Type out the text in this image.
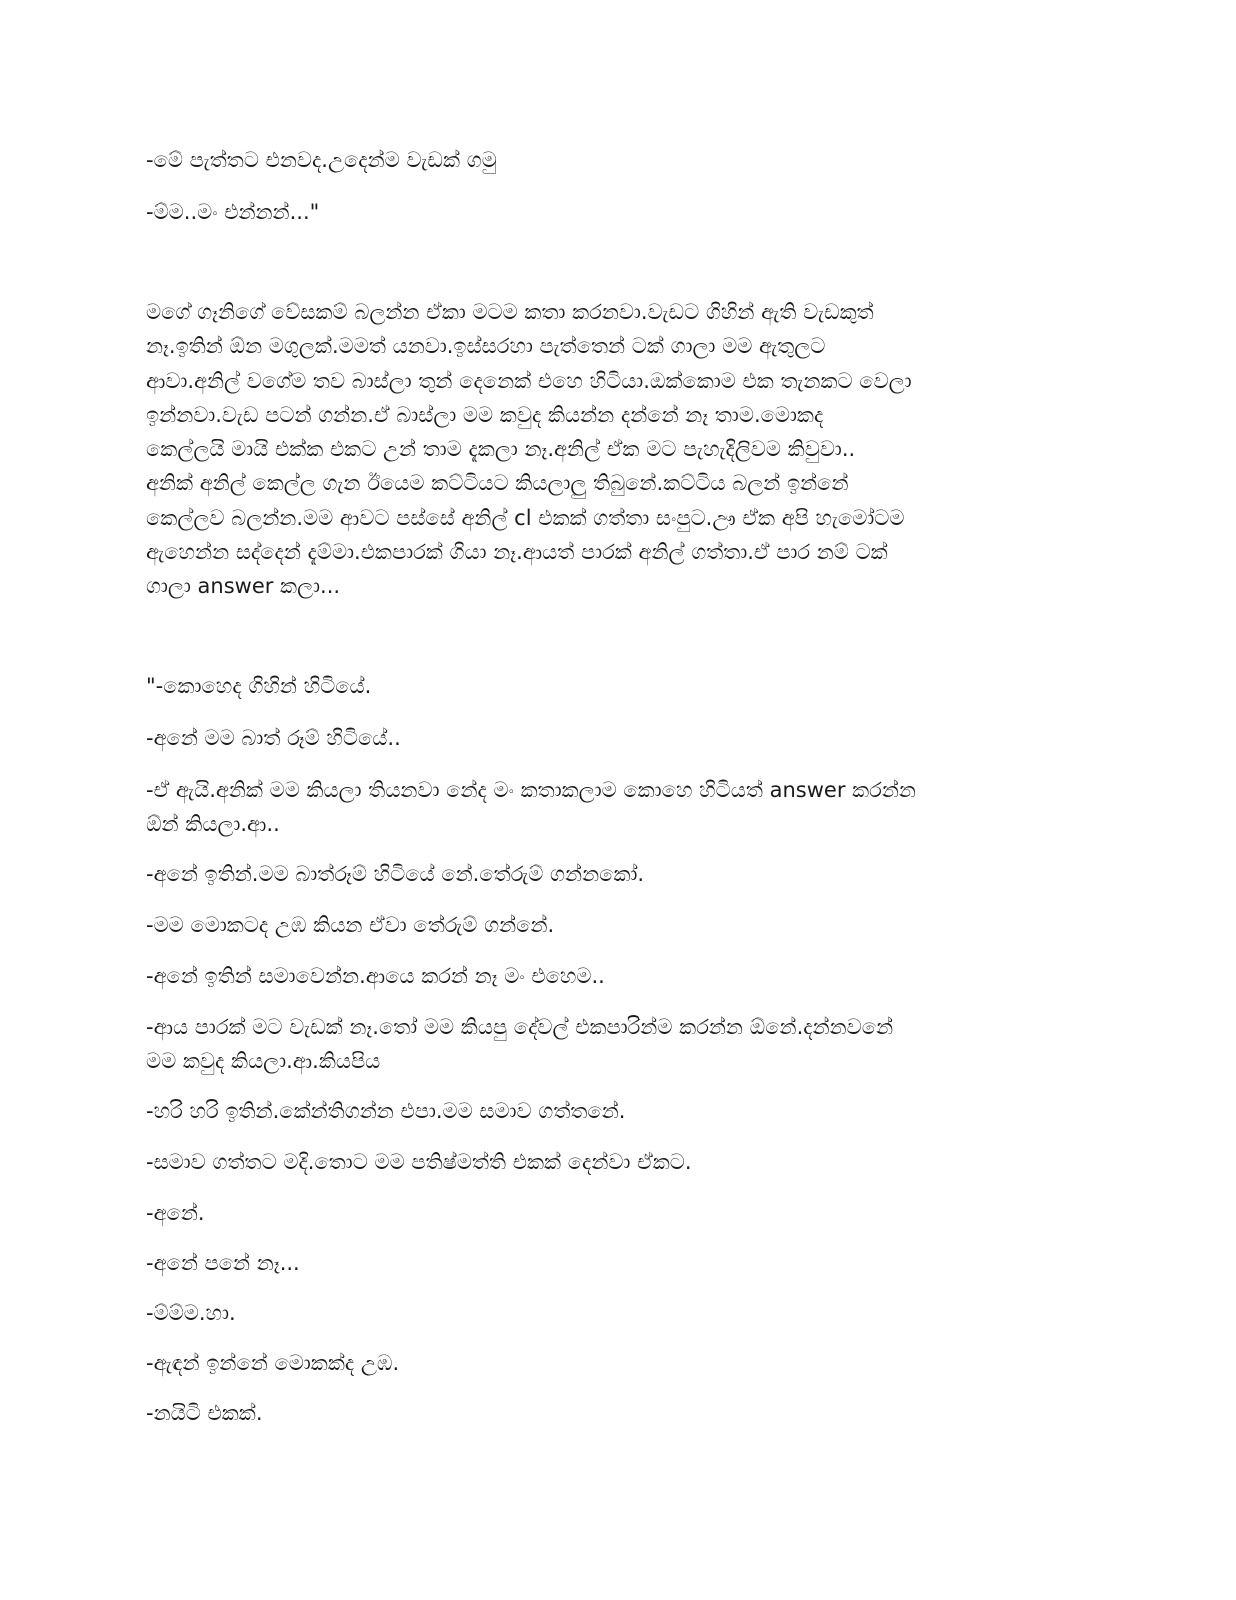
-මේ පැත්තට එනවද.උදෙන්ම වැඩක් ගමු
-ම්ම..මං එන්නන්..."
මගේ ගෑනිගේ වේසකම් බලන්න ඒකා මටම කතා කරනවා.වැඩට ගිහින් ඇති වැඩකුත්
නෑ.ඉතින් ඕන මගුලක්.මමත් යනවා.ඉස්සරහා පැත්තෙන් ටක් ගාලා මම ඇතුලට
ආවා.අනිල් වගේම තව බාස්ලා තුන් දෙනෙක් එහෙ හිටියා.ඔක්කොම එක තැනකට වෙලා
ඉන්නවා.වැඩ පටන් ගන්න.ඒ බාස්ලා මම කවුද කියන්න දන්නේ නෑ තාම.මොකද
කෙල්ලයි මායි එක්ක එකට උන් තාම දැකලා නෑ.අනිල් ඒක මට පැහැදිලිවම කිවුවා..
අනික් අනිල් කෙල්ල ගැන ඊයෙම කට්ටියට කියලාලු තිබුනේ.කට්ටිය බලන් ඉන්නේ
කෙල්ලව බලන්න.මම ආවට පස්සේ අනිල් cl එකක් ගත්තා සංපුට.ඌ ඒක අපි හැමෝටම
ඇහෙන්න සද්දෙන් දැම්මා.එකපාරක් ගියා නෑ.ආයත් පාරක් අනිල් ගත්තා.ඒ පාර නම් ටක්
ගාලා answer කලා...
"-කොහෙද ගිහින් හිටියේ.
-අනේ මම බාත් රූම් හිටියේ..
-ඒ ඇයි.අනික් මම කියලා තියනවා නේද මං කතාකලාම කොහෙ හිටියත් answer කරන්න
ඕන් කියලා.ආ..
-අනේ ඉතින්.මම බාත්රූම් හිටියේ නේ.තේරුම් ගන්නකෝ.
-මම මොකටද උඹ කියන ඒවා තේරුම් ගන්නේ.
-අනේ ඉතින් සමාවෙන්න.ආයෙ කරන් නෑ මං එහෙම..
-ආය පාරක් මට වැඩක් නෑ.තෝ මම කියපු දේවල් එකපාරින්ම කරන්න ඕනේ.දන්නවනේ
මම කවුද කියලා.ආ.කියපිය
-හරි හරි ඉතින්.කේන්තිගන්න එපා.මම සමාව ගත්තනේ.
-සමාව ගත්තට මදි.තොට මම පතිෂ්මත්ති එකක් දෙන්වා ඒකට.
-අනේ.
-අනේ පනේ නෑ...
-ම්ම්ම.හා.
-ඇඳන් ඉන්නේ මොකක්ද උඹ.
-නයිටි එකක්.
